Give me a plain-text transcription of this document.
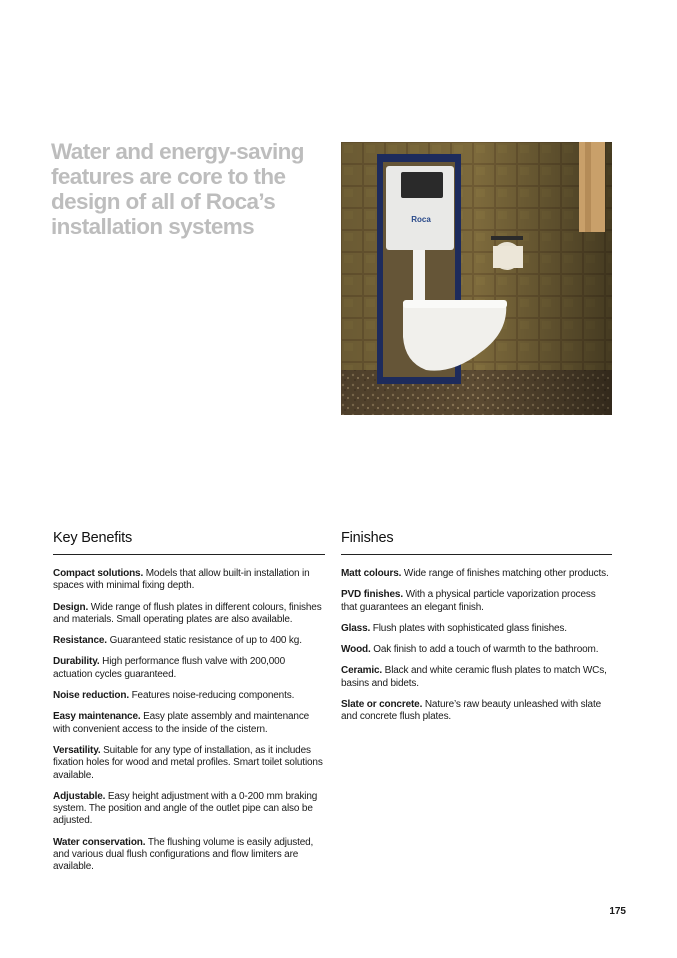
Water and energy-saving features are core to the design of all of Roca’s installation systems	Roca
Key Benefits

Compact solutions. Models that allow built-in installation in spaces with minimal fixing depth.

Design. Wide range of flush plates in different colours, finishes and materials. Small operating plates are also available.

Resistance. Guaranteed static resistance of up to 400 kg.

Durability. High performance flush valve with 200,000 actuation cycles guaranteed.

Noise reduction. Features noise-reducing components.

Easy maintenance. Easy plate assembly and maintenance with convenient access to the inside of the cistern.

Versatility. Suitable for any type of installation, as it includes fixation holes for wood and metal profiles. Smart toilet solutions available.

Adjustable. Easy height adjustment with a 0-200 mm braking system. The position and angle of the outlet pipe can also be adjusted.

Water conservation. The flushing volume is easily adjusted, and various dual flush configurations and flow limiters are available.

Finishes

Matt colours. Wide range of finishes matching other products.

PVD finishes. With a physical particle vaporization process that guarantees an elegant finish.

Glass. Flush plates with sophisticated glass finishes.

Wood. Oak finish to add a touch of warmth to the bathroom.

Ceramic. Black and white ceramic flush plates to match WCs, basins and bidets.

Slate or concrete. Nature’s raw beauty unleashed with slate and concrete flush plates.

175
